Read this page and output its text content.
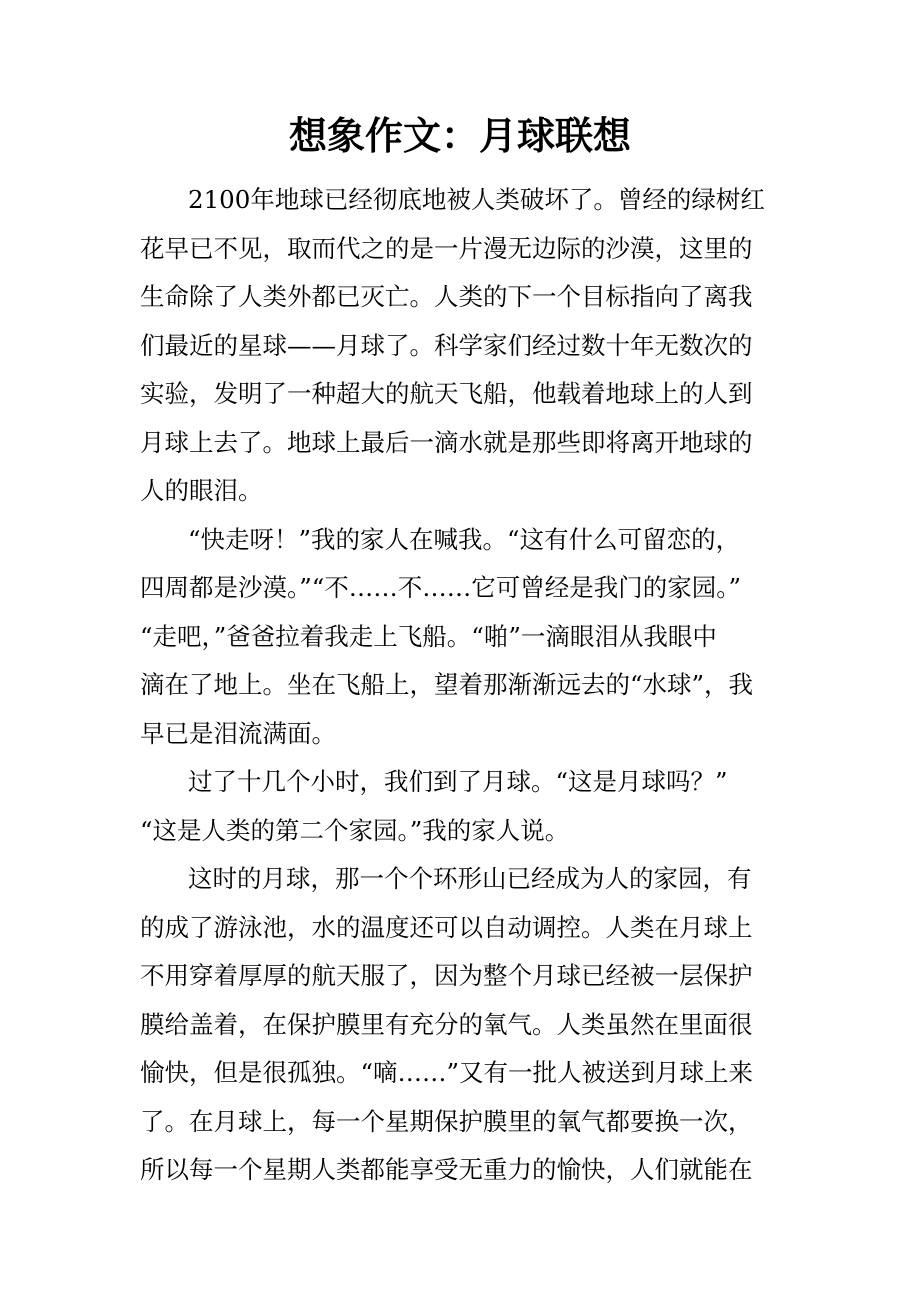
想象作文：月球联想

2100年地球已经彻底地被人类破坏了。曾经的绿树红
花早已不见，取而代之的是一片漫无边际的沙漠，这里的
生命除了人类外都已灭亡。人类的下一个目标指向了离我
们最近的星球——月球了。科学家们经过数十年无数次的
实验，发明了一种超大的航天飞船，他载着地球上的人到
月球上去了。地球上最后一滴水就是那些即将离开地球的
人的眼泪。

“快走呀！”我的家人在喊我。“这有什么可留恋的，
四周都是沙漠。”“不……不……它可曾经是我门的家园。”
“走吧，”爸爸拉着我走上飞船。“啪”一滴眼泪从我眼中
滴在了地上。坐在飞船上，望着那渐渐远去的“水球”，我
早已是泪流满面。

过了十几个小时，我们到了月球。“这是月球吗？”
“这是人类的第二个家园。”我的家人说。

这时的月球，那一个个环形山已经成为人的家园，有
的成了游泳池，水的温度还可以自动调控。人类在月球上
不用穿着厚厚的航天服了，因为整个月球已经被一层保护
膜给盖着，在保护膜里有充分的氧气。人类虽然在里面很
愉快，但是很孤独。“嘀……”又有一批人被送到月球上来
了。在月球上，每一个星期保护膜里的氧气都要换一次，
所以每一个星期人类都能享受无重力的愉快，人们就能在
